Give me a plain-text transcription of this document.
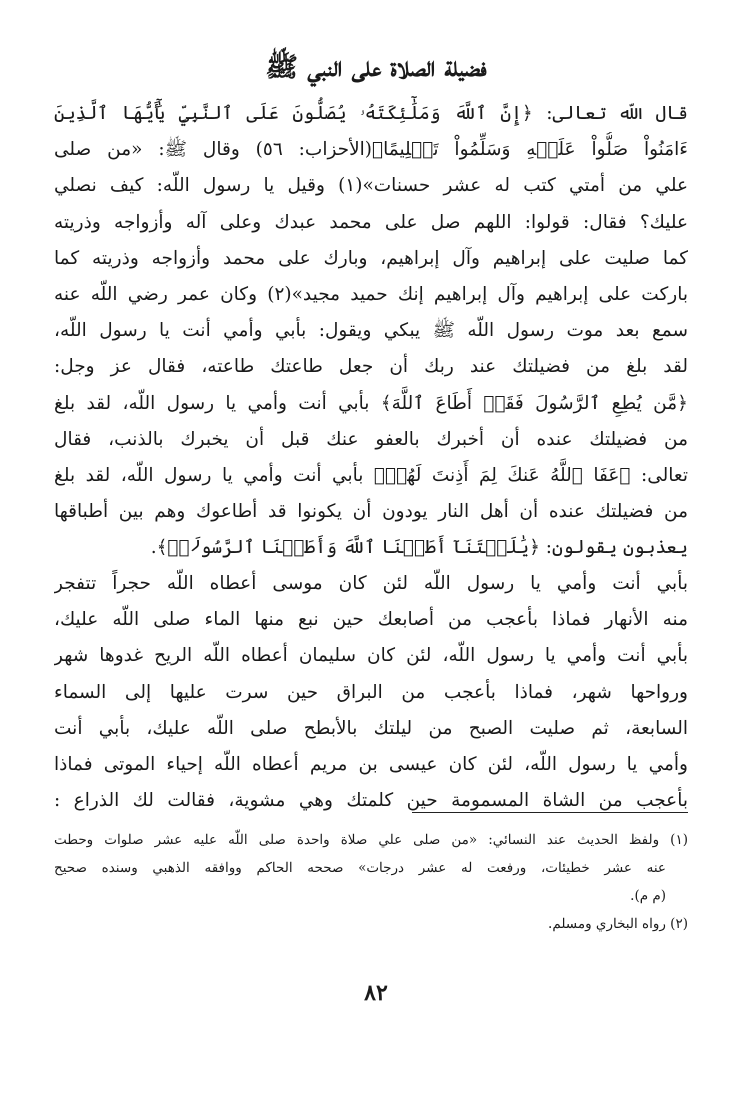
فضيلة الصلاة على النبي ﷺ
قال اللّه تعالى: ﴿إِنَّ ٱللَّهَ وَمَلَٰٓئِكَتَهُۥ يُصَلُّونَ عَلَى ٱلنَّبِيِّ يَٰٓأَيُّهَا ٱلَّذِينَ
ءَامَنُواْ صَلُّواْ عَلَيۡهِ وَسَلِّمُواْ تَسۡلِيمًا﴾(الأحزاب: ٥٦) وقال ﷺ: «من صلى
علي من أمتي كتب له عشر حسنات»(١) وقيل يا رسول اللّه: كيف نصلي
عليك؟ فقال: قولوا: اللهم صل على محمد عبدك وعلى آله وأزواجه وذريته
كما صليت على إبراهيم وآل إبراهيم، وبارك على محمد وأزواجه وذريته كما
باركت على إبراهيم وآل إبراهيم إنك حميد مجيد»(٢) وكان عمر رضي اللّه عنه
سمع بعد موت رسول اللّه ﷺ يبكي ويقول: بأبي وأمي أنت يا رسول اللّه،
لقد بلغ من فضيلتك عند ربك أن جعل طاعتك طاعته، فقال عز وجل:
﴿مَّن يُطِعِ ٱلرَّسُولَ فَقَدۡ أَطَاعَ ٱللَّهَ﴾ بأبي أنت وأمي يا رسول اللّه، لقد بلغ
من فضيلتك عنده أن أخبرك بالعفو عنك قبل أن يخبرك بالذنب، فقال
تعالى: ﴿عَفَا ٱللَّهُ عَنكَ لِمَ أَذِنتَ لَهُمۡ﴾ بأبي أنت وأمي يا رسول اللّه، لقد بلغ
من فضيلتك عنده أن أهل النار يودون أن يكونوا قد أطاعوك وهم بين أطباقها
يعذبون يقولون: ﴿يَٰلَيۡتَنَآ أَطَعۡنَا ٱللَّهَ وَأَطَعۡنَا ٱلرَّسُولَا۠﴾.
بأبي أنت وأمي يا رسول اللّه لئن كان موسى أعطاه اللّه حجراً تتفجر
منه الأنهار فماذا بأعجب من أصابعك حين نبع منها الماء صلى اللّه عليك،
بأبي أنت وأمي يا رسول اللّه، لئن كان سليمان أعطاه اللّه الريح غدوها شهر
ورواحها شهر، فماذا بأعجب من البراق حين سرت عليها إلى السماء
السابعة، ثم صليت الصبح من ليلتك بالأبطح صلى اللّه عليك، بأبي أنت
وأمي يا رسول اللّه، لئن كان عيسى بن مريم أعطاه اللّه إحياء الموتى فماذا
بأعجب من الشاة المسمومة حين كلمتك وهي مشوية، فقالت لك الذراع :
(١) ولفظ الحديث عند النسائي: «من صلى علي صلاة واحدة صلى اللّه عليه عشر صلوات وحطت
عنه عشر خطيئات، ورفعت له عشر درجات» صححه الحاكم ووافقه الذهبي وسنده صحيح
(م م).
(٢) رواه البخاري ومسلم.
٨٢
